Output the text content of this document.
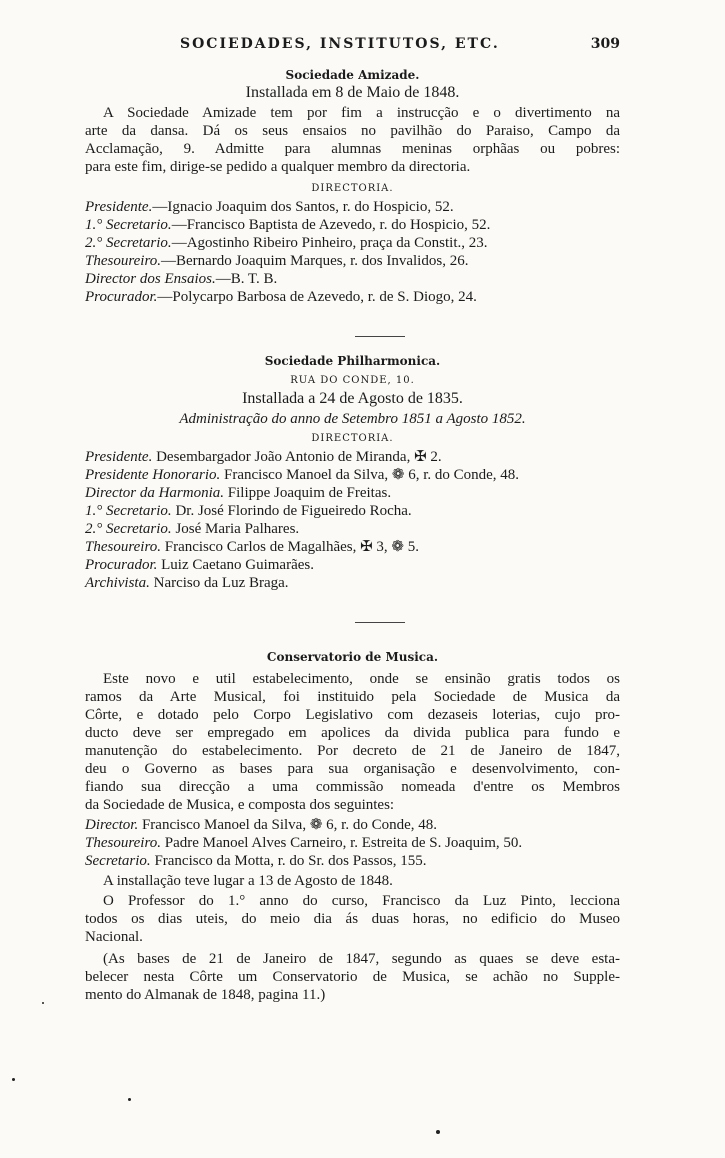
SOCIEDADES, INSTITUTOS, ETC.	309
Sociedade Amizade.
Installada em 8 de Maio de 1848.
A Sociedade Amizade tem por fim a instrucção e o divertimento na
arte da dansa. Dá os seus ensaios no pavilhão do Paraiso, Campo da
Acclamação, 9. Admitte para alumnas meninas orphãas ou pobres:
para este fim, dirige-se pedido a qualquer membro da directoria.
DIRECTORIA.
Presidente.—Ignacio Joaquim dos Santos, r. do Hospicio, 52.
1.° Secretario.—Francisco Baptista de Azevedo, r. do Hospicio, 52.
2.° Secretario.—Agostinho Ribeiro Pinheiro, praça da Constit., 23.
Thesoureiro.—Bernardo Joaquim Marques, r. dos Invalidos, 26.
Director dos Ensaios.—B. T. B.
Procurador.—Polycarpo Barbosa de Azevedo, r. de S. Diogo, 24.
Sociedade Philharmonica.
RUA DO CONDE, 10.
Installada a 24 de Agosto de 1835.
Administração do anno de Setembro 1851 a Agosto 1852.
DIRECTORIA.
Presidente. Desembargador João Antonio de Miranda, ✠ 2.
Presidente Honorario. Francisco Manoel da Silva, ❁ 6, r. do Conde, 48.
Director da Harmonia. Filippe Joaquim de Freitas.
1.° Secretario. Dr. José Florindo de Figueiredo Rocha.
2.° Secretario. José Maria Palhares.
Thesoureiro. Francisco Carlos de Magalhães, ✠ 3, ❁ 5.
Procurador. Luiz Caetano Guimarães.
Archivista. Narciso da Luz Braga.
Conservatorio de Musica.
Este novo e util estabelecimento, onde se ensinão gratis todos os
ramos da Arte Musical, foi instituido pela Sociedade de Musica da
Côrte, e dotado pelo Corpo Legislativo com dezaseis loterias, cujo pro-
ducto deve ser empregado em apolices da divida publica para fundo e
manutenção do estabelecimento. Por decreto de 21 de Janeiro de 1847,
deu o Governo as bases para sua organisação e desenvolvimento, con-
fiando sua direcção a uma commissão nomeada d'entre os Membros
da Sociedade de Musica, e composta dos seguintes:
Director. Francisco Manoel da Silva, ❁ 6, r. do Conde, 48.
Thesoureiro. Padre Manoel Alves Carneiro, r. Estreita de S. Joaquim, 50.
Secretario. Francisco da Motta, r. do Sr. dos Passos, 155.
A installação teve lugar a 13 de Agosto de 1848.
O Professor do 1.° anno do curso, Francisco da Luz Pinto, lecciona
todos os dias uteis, do meio dia ás duas horas, no edificio do Museo
Nacional.
(As bases de 21 de Janeiro de 1847, segundo as quaes se deve esta-
belecer nesta Côrte um Conservatorio de Musica, se achão no Supple-
mento do Almanak de 1848, pagina 11.)
